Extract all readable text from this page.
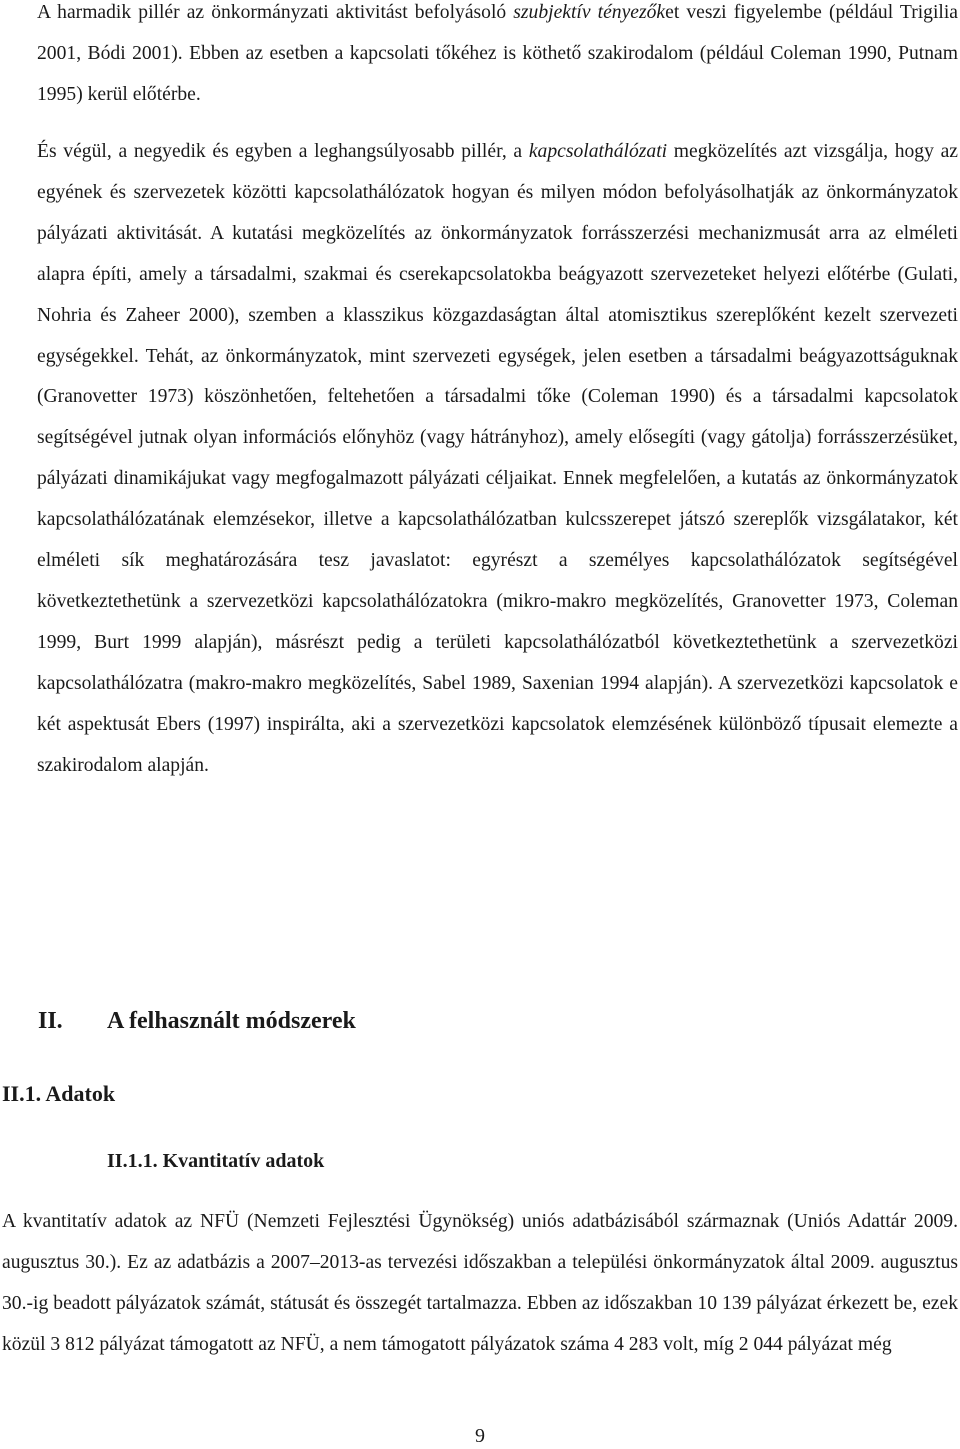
A harmadik pillér az önkormányzati aktivitást befolyásoló szubjektív tényezőket veszi figyelembe (például Trigilia 2001, Bódi 2001). Ebben az esetben a kapcsolati tőkéhez is köthető szakirodalom (például Coleman 1990, Putnam 1995) kerül előtérbe.

És végül, a negyedik és egyben a leghangsúlyosabb pillér, a kapcsolathálózati megközelítés azt vizsgálja, hogy az egyének és szervezetek közötti kapcsolathálózatok hogyan és milyen módon befolyásolhatják az önkormányzatok pályázati aktivitását. A kutatási megközelítés az önkormányzatok forrásszerzési mechanizmusát arra az elméleti alapra építi, amely a társadalmi, szakmai és cserekapcsolatokba beágyazott szervezeteket helyezi előtérbe (Gulati, Nohria és Zaheer 2000), szemben a klasszikus közgazdaságtan által atomisztikus szereplőként kezelt szervezeti egységekkel. Tehát, az önkormányzatok, mint szervezeti egységek, jelen esetben a társadalmi beágyazottságuknak (Granovetter 1973) köszönhetően, feltehetően a társadalmi tőke (Coleman 1990) és a társadalmi kapcsolatok segítségével jutnak olyan információs előnyhöz (vagy hátrányhoz), amely elősegíti (vagy gátolja) forrásszerzésüket, pályázati dinamikájukat vagy megfogalmazott pályázati céljaikat. Ennek megfelelően, a kutatás az önkormányzatok kapcsolathálózatának elemzésekor, illetve a kapcsolathálózatban kulcsszerepet játszó szereplők vizsgálatakor, két elméleti sík meghatározására tesz javaslatot: egyrészt a személyes kapcsolathálózatok segítségével következtethetünk a szervezetközi kapcsolathálózatokra (mikro-makro megközelítés, Granovetter 1973, Coleman 1999, Burt 1999 alapján), másrészt pedig a területi kapcsolathálózatból következtethetünk a szervezetközi kapcsolathálózatra (makro-makro megközelítés, Sabel 1989, Saxenian 1994 alapján). A szervezetközi kapcsolatok e két aspektusát Ebers (1997) inspirálta, aki a szervezetközi kapcsolatok elemzésének különböző típusait elemezte a szakirodalom alapján.

II. A felhasznált módszerek
II.1. Adatok
II.1.1. Kvantitatív adatok

A kvantitatív adatok az NFÜ (Nemzeti Fejlesztési Ügynökség) uniós adatbázisából származnak (Uniós Adattár 2009. augusztus 30.). Ez az adatbázis a 2007–2013-as tervezési időszakban a települési önkormányzatok által 2009. augusztus 30.-ig beadott pályázatok számát, státusát és összegét tartalmazza. Ebben az időszakban 10 139 pályázat érkezett be, ezek közül 3 812 pályázat támogatott az NFÜ, a nem támogatott pályázatok száma 4 283 volt, míg 2 044 pályázat még

9
